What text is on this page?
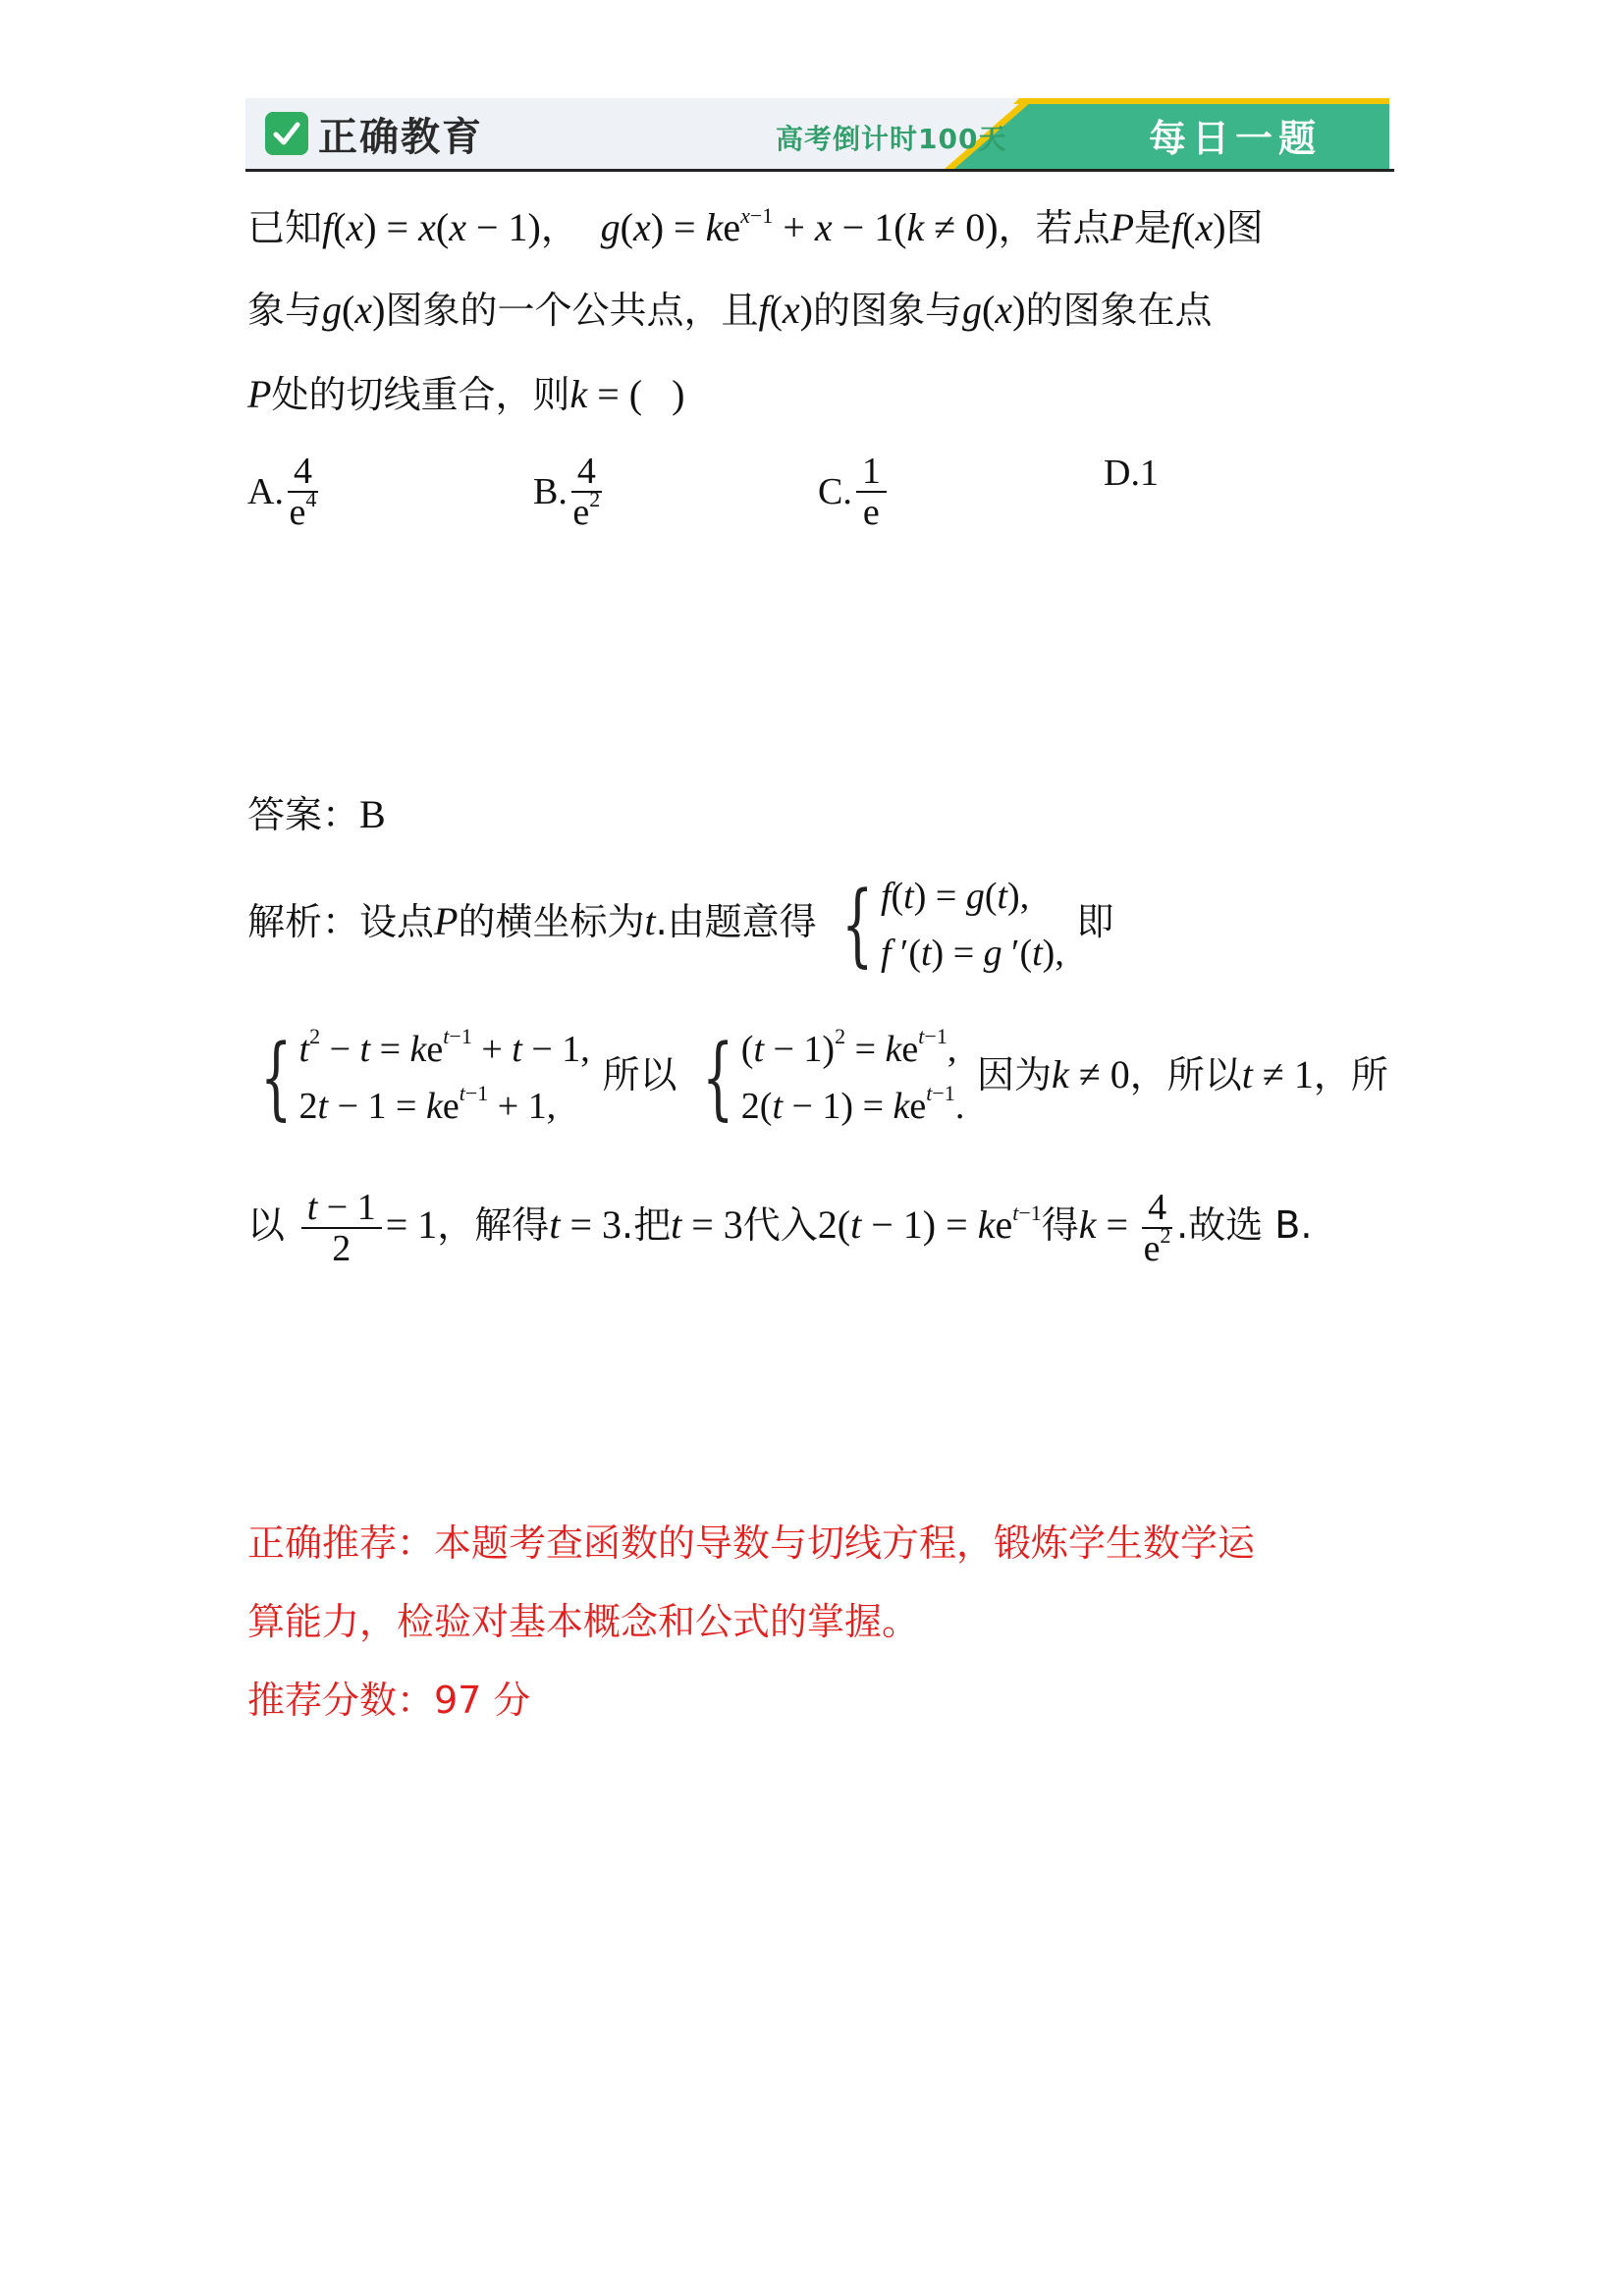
正确教育	高考倒计时100天	每日一题
已知f(x) = x(x − 1)，  $g(x) = ke^{x-1} + x - 1(k \ne 0)$，若点P是f(x)图
象与g(x)图象的一个公共点，且f(x)的图象与g(x)的图象在点
P处的切线重合，则k = (   )
A. $\frac{4}{e^4}$	B. $\frac{4}{e^2}$	C. $\frac{1}{e}$	D.1
答案：B
解析：设点P的横坐标为t.由题意得 { f(t) = g(t),
f ′(t) = g ′(t),
即
{ $t^2 - t = ke^{t-1} + t - 1$,
$2t - 1 = ke^{t-1} + 1$,
所以 { $(t - 1)^2 = ke^{t-1}$,
$2(t - 1) = ke^{t-1}$.
因为k ≠ 0，所以t ≠ 1，所
以 $\frac{t - 1}{2} = 1$，解得t = 3.把t = 3代入$2(t - 1) = ke^{t-1}$得$k = \frac{4}{e^2}$ .故选 B.
正确推荐：本题考查函数的导数与切线方程，锻炼学生数学运
算能力，检验对基本概念和公式的掌握。
推荐分数：97 分
